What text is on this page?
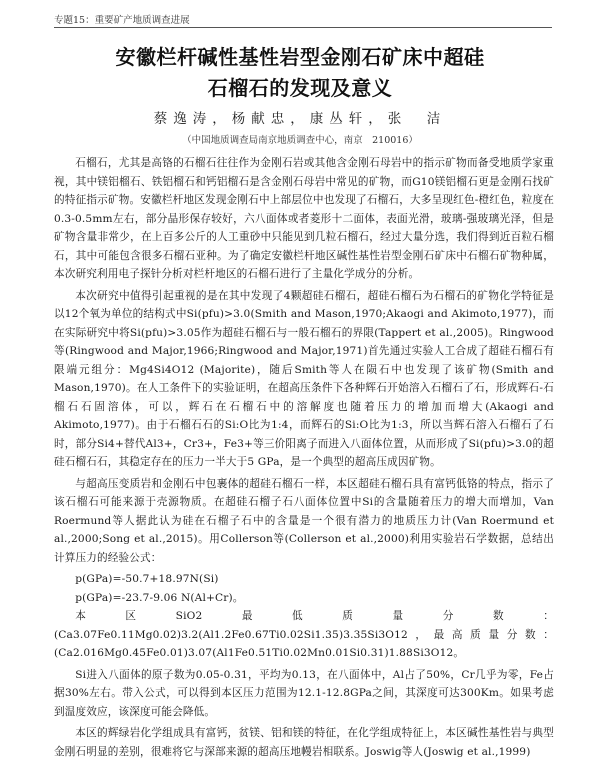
专题15：重要矿产地质调查进展
安徽栏杆碱性基性岩型金刚石矿床中超硅
石榴石的发现及意义
蔡逸涛，杨献忠，康丛轩，张　洁
（中国地质调查局南京地质调查中心，南京　210016）

石榴石，尤其是高铬的石榴石往往作为金刚石岩或其他含金刚石母岩中的指示矿物而备受地质学家重视，其中镁铝榴石、铁铝榴石和钙铝榴石是含金刚石母岩中常见的矿物，而G10镁铝榴石更是金刚石找矿的特征指示矿物。安徽栏杆地区发现金刚石中上部层位中也发现了石榴石，大多呈现红色-橙红色，粒度在0.3-0.5mm左右，部分晶形保存较好，六八面体或者菱形十二面体，表面光滑，玻璃-强玻璃光泽，但是矿物含量非常少，在上百多公斤的人工重砂中只能见到几粒石榴石，经过大量分选，我们得到近百粒石榴石，其中可能包含很多石榴石亚种。为了确定安徽栏杆地区碱性基性岩型金刚石矿床中石榴石矿物种属，本次研究利用电子探针分析对栏杆地区的石榴石进行了主量化学成分的分析。

本次研究中值得引起重视的是在其中发现了4颗超硅石榴石，超硅石榴石为石榴石的矿物化学特征是以12个氧为单位的结构式中Si(pfu)>3.0(Smith and Mason,1970;Akaogi and Akimoto,1977)，而在实际研究中将Si(pfu)>3.05作为超硅石榴石与一般石榴石的界限(Tappert et al.,2005)。Ringwood等(Ringwood and Major,1966;Ringwood and Major,1971)首先通过实验人工合成了超硅石榴石有限端元组分：Mg4Si4O12 (Majorite)，随后Smith等人在陨石中也发现了该矿物(Smith and Mason,1970)。在人工条件下的实验证明，在超高压条件下各种辉石开始溶入石榴石了石，形成辉石-石榴石石固溶体，可以，辉石在石榴石中的溶解度也随着压力的增加而增大(Akaogi and Akimoto,1977)。由于石榴石石的Si:O比为1:4，而辉石的Si:O比为1:3，所以当辉石溶入石榴石了石时，部分Si4+替代Al3+，Cr3+，Fe3+等三价阳离子而进入八面体位置，从而形成了Si(pfu)>3.0的超硅石榴石石，其稳定存在的压力一半大于5 GPa，是一个典型的超高压成因矿物。

与超高压变质岩和金刚石中包裹体的超硅石榴石一样，本区超硅石榴石具有富钙低铬的特点，指示了该石榴石可能来源于壳源物质。在超硅石榴子石八面体位置中Si的含量随着压力的增大而增加，Van Roermund等人据此认为硅在石榴子石中的含量是一个很有潜力的地质压力计(Van Roermund et al.,2000;Song et al.,2015)。用Collerson等(Collerson et al.,2000)利用实验岩石学数据，总结出计算压力的经验公式：

p(GPa)=-50.7+18.97N(Si)

p(GPa)=-23.7-9.06 N(Al+Cr)。

本区SiO2最低质量分数：(Ca3.07Fe0.11Mg0.02)3.2(Al1.2Fe0.67Ti0.02Si1.35)3.35Si3O12，最高质量分数：(Ca2.016Mg0.45Fe0.01)3.07(Al1Fe0.51Ti0.02Mn0.01Si0.31)1.88Si3O12。

Si进入八面体的原子数为0.05-0.31，平均为0.13，在八面体中，Al占了50%，Cr几乎为零，Fe占据30%左右。带入公式，可以得到本区压力范围为12.1-12.8GPa之间，其深度可达300Km。如果考虑到温度效应，该深度可能会降低。

本区的辉绿岩化学组成具有富钙，贫镁、铝和镁的特征，在化学组成特征上，本区碱性基性岩与典型金刚石明显的差别，很难将它与深部来源的超高压地幔岩相联系。Joswig等人(Joswig et al.,1999)
